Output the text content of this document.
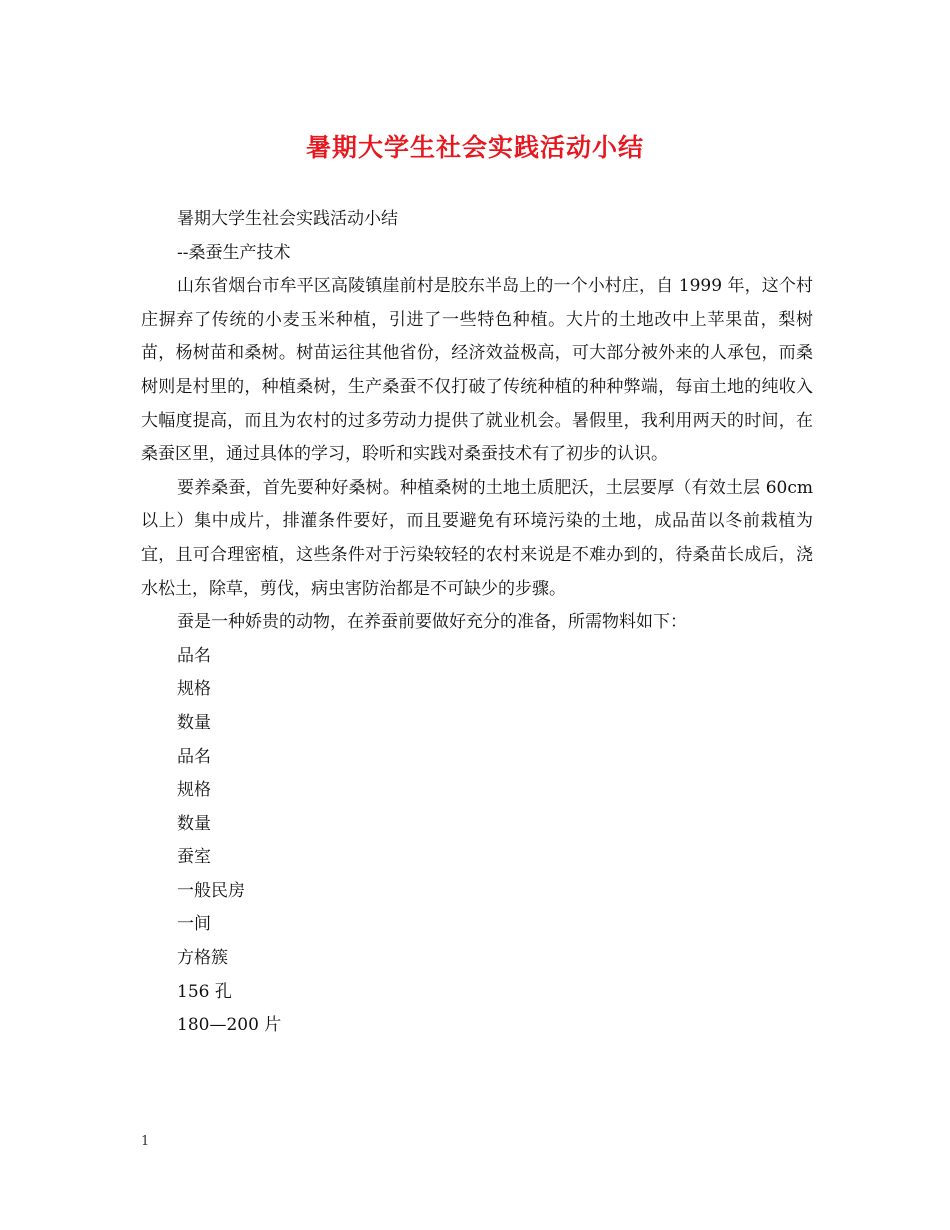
暑期大学生社会实践活动小结

暑期大学生社会实践活动小结

--桑蚕生产技术

山东省烟台市牟平区高陵镇崖前村是胶东半岛上的一个小村庄，自 1999 年，这个村庄摒弃了传统的小麦玉米种植，引进了一些特色种植。大片的土地改中上苹果苗，梨树苗，杨树苗和桑树。树苗运往其他省份，经济效益极高，可大部分被外来的人承包，而桑树则是村里的，种植桑树，生产桑蚕不仅打破了传统种植的种种弊端，每亩土地的纯收入大幅度提高，而且为农村的过多劳动力提供了就业机会。暑假里，我利用两天的时间，在桑蚕区里，通过具体的学习，聆听和实践对桑蚕技术有了初步的认识。

要养桑蚕，首先要种好桑树。种植桑树的土地土质肥沃，土层要厚（有效土层 60cm 以上）集中成片，排灌条件要好，而且要避免有环境污染的土地，成品苗以冬前栽植为宜，且可合理密植，这些条件对于污染较轻的农村来说是不难办到的，待桑苗长成后，浇水松土，除草，剪伐，病虫害防治都是不可缺少的步骤。

蚕是一种娇贵的动物，在养蚕前要做好充分的准备，所需物料如下：

品名

规格

数量

品名

规格

数量

蚕室

一般民房

一间

方格簇

156 孔

180—200 片

1
